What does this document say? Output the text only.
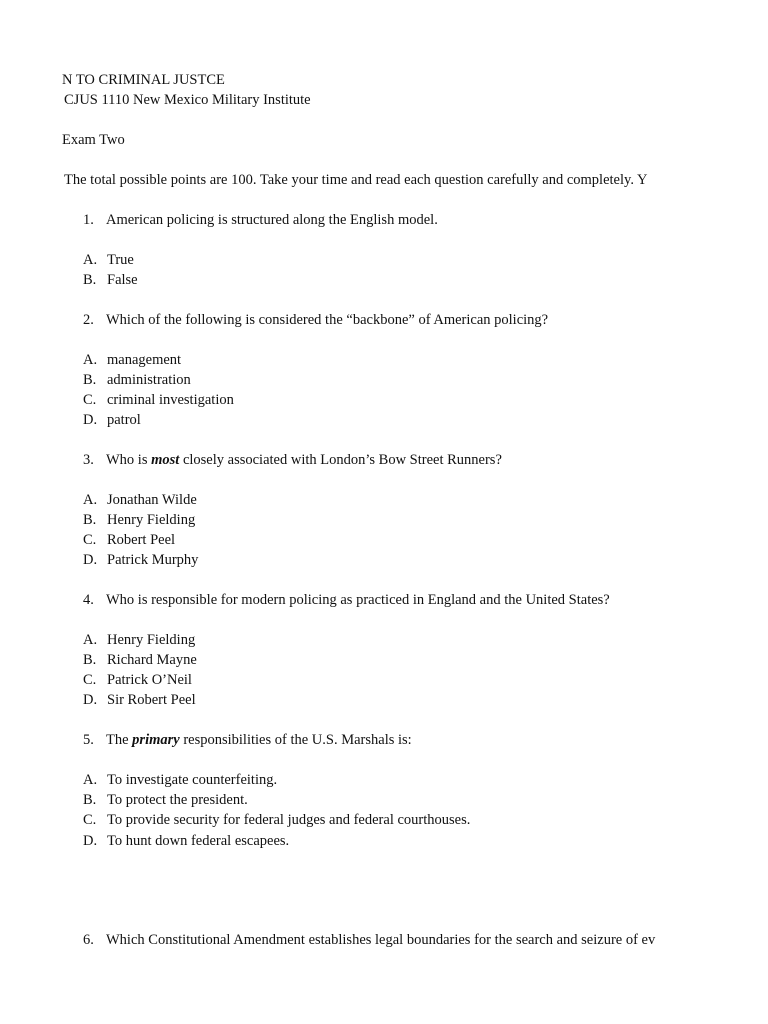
N TO CRIMINAL JUSTCE
CJUS 1110 New Mexico Military Institute
Exam Two
The total possible points are 100. Take your time and read each question carefully and completely. Y
1. American policing is structured along the English model.
A. True
B. False
2. Which of the following is considered the “backbone” of American policing?
A. management
B. administration
C. criminal investigation
D. patrol
3. Who is most closely associated with London’s Bow Street Runners?
A. Jonathan Wilde
B. Henry Fielding
C. Robert Peel
D. Patrick Murphy
4. Who is responsible for modern policing as practiced in England and the United States?
A. Henry Fielding
B. Richard Mayne
C. Patrick O’Neil
D. Sir Robert Peel
5. The primary responsibilities of the U.S. Marshals is:
A. To investigate counterfeiting.
B. To protect the president.
C. To provide security for federal judges and federal courthouses.
D. To hunt down federal escapees.
6. Which Constitutional Amendment establishes legal boundaries for the search and seizure of ev
